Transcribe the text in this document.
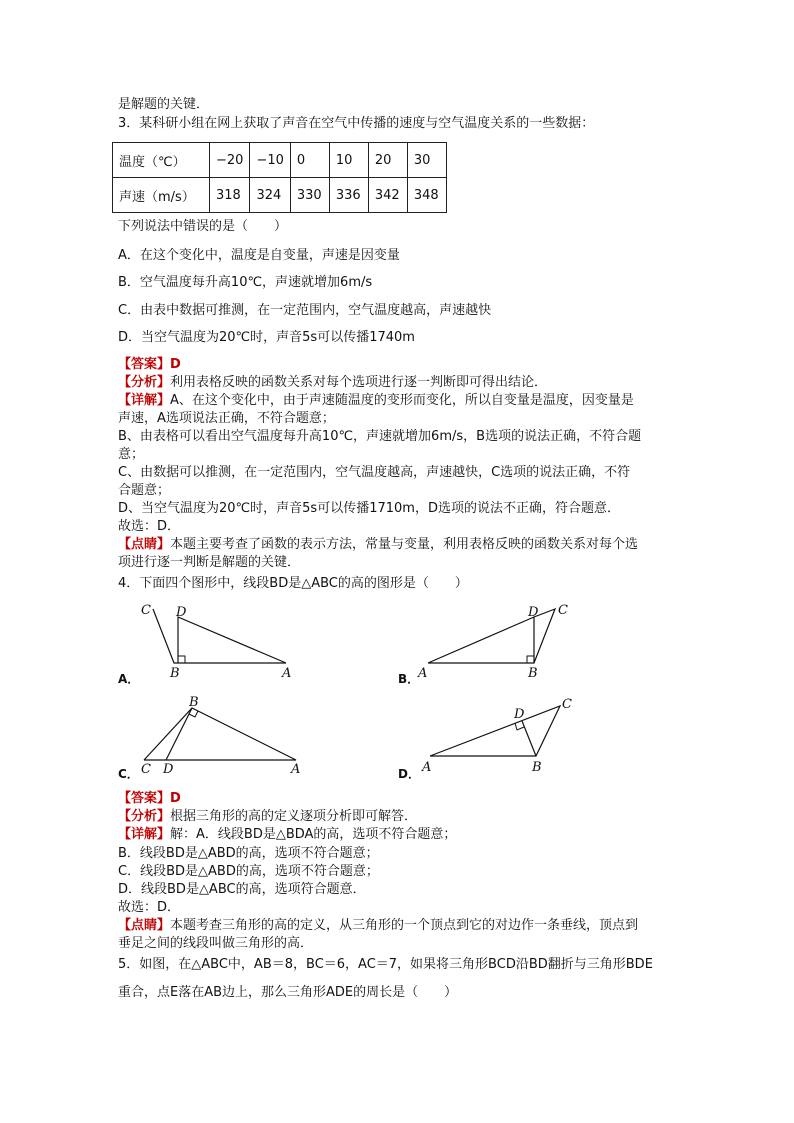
是解题的关键．
3．某科研小组在网上获取了声音在空气中传播的速度与空气温度关系的一些数据：
温度（℃）	−20	−10	0	10	20	30
声速（m/s）	318	324	330	336	342	348
下列说法中错误的是（　　）
A．在这个变化中，温度是自变量，声速是因变量
B．空气温度每升高10℃，声速就增加6m/s
C．由表中数据可推测，在一定范围内，空气温度越高，声速越快
D．当空气温度为20℃时，声音5s可以传播1740m
【答案】D
【分析】利用表格反映的函数关系对每个选项进行逐一判断即可得出结论．
【详解】A、在这个变化中，由于声速随温度的变形而变化，所以自变量是温度，因变量是
声速，A选项说法正确，不符合题意；
B、由表格可以看出空气温度每升高10℃，声速就增加6m/s，B选项的说法正确，不符合题
意；
C、由数据可以推测，在一定范围内，空气温度越高，声速越快，C选项的说法正确，不符
合题意；
D、当空气温度为20℃时，声音5s可以传播1710m，D选项的说法不正确，符合题意．
故选：D．
【点睛】本题主要考查了函数的表示方法，常量与变量，利用表格反映的函数关系对每个选
项进行逐一判断是解题的关键．
4．下面四个图形中，线段BD是△ABC的高的图形是（　　）
C D
B	A
A．	A	B
D C
B．
B
C D	A
C．
D
C
A	B
D．
【答案】D
【分析】根据三角形的高的定义逐项分析即可解答．
【详解】解：A．线段BD是△BDA的高，选项不符合题意；
B．线段BD是△ABD的高，选项不符合题意；
C．线段BD是△ABD的高，选项不符合题意；
D．线段BD是△ABC的高，选项符合题意．
故选：D．
【点睛】本题考查三角形的高的定义，从三角形的一个顶点到它的对边作一条垂线，顶点到
垂足之间的线段叫做三角形的高．
5．如图，在△ABC中，AB＝8，BC＝6，AC＝7，如果将三角形BCD沿BD翻折与三角形BDE
重合，点E落在AB边上，那么三角形ADE的周长是（　　）
